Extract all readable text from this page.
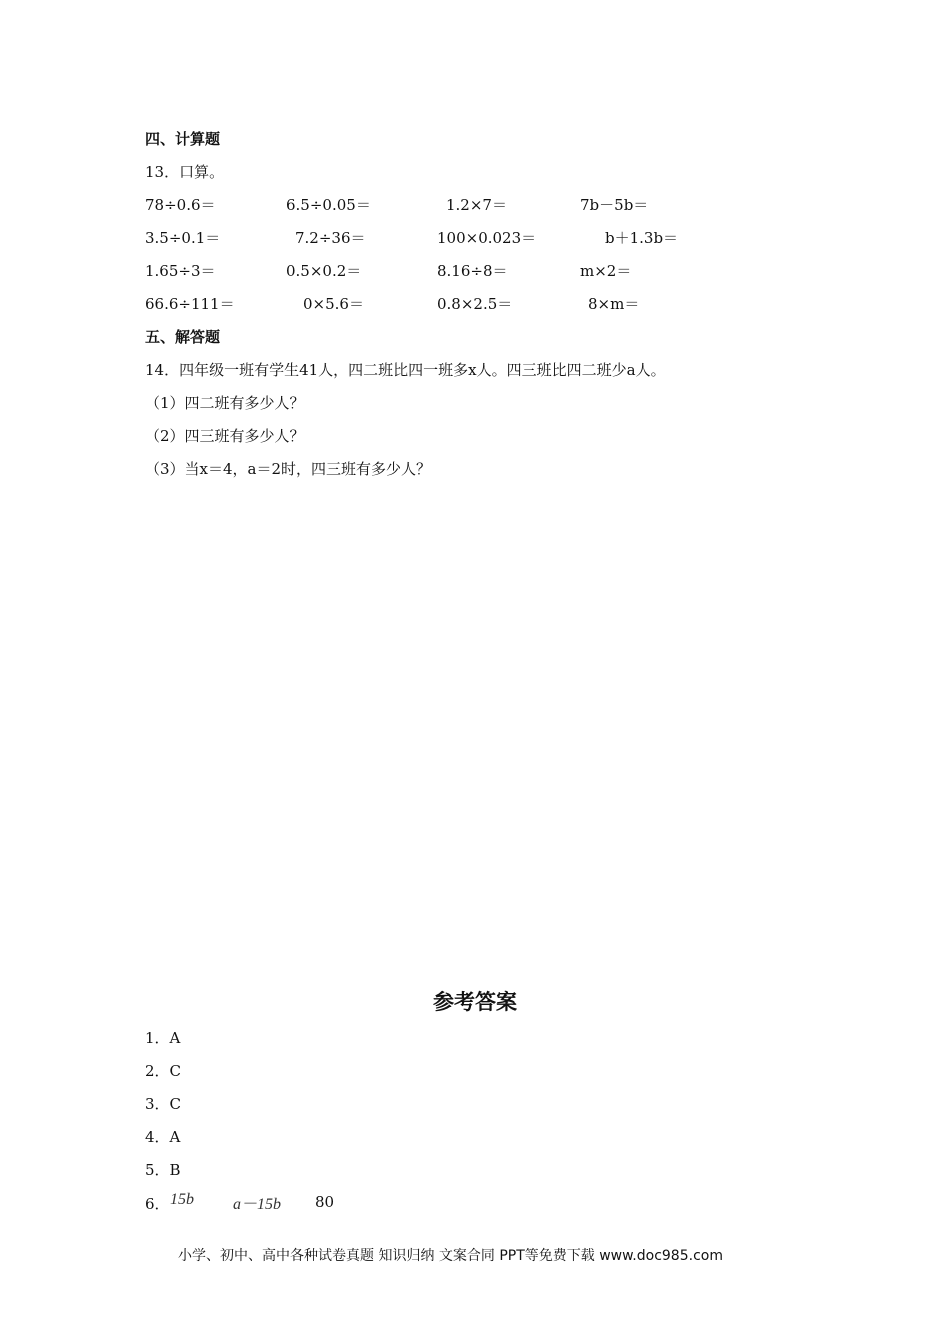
四、计算题
13．口算。
78÷0.6＝	6.5÷0.05＝	1.2×7＝	7b－5b＝
3.5÷0.1＝	7.2÷36＝	100×0.023＝	b＋1.3b＝
1.65÷3＝	0.5×0.2＝	8.16÷8＝	m×2＝
66.6÷111＝	0×5.6＝	0.8×2.5＝	8×m＝
五、解答题
14．四年级一班有学生41人，四二班比四一班多x人。四三班比四二班少a人。
（1）四二班有多少人？
（2）四三班有多少人？
（3）当x＝4，a＝2时，四三班有多少人？
参考答案
1．A
2．C
3．C
4．A
5．B
6． 15b a－15b 80
小学、初中、高中各种试卷真题 知识归纳 文案合同 PPT等免费下载 www.doc985.com
